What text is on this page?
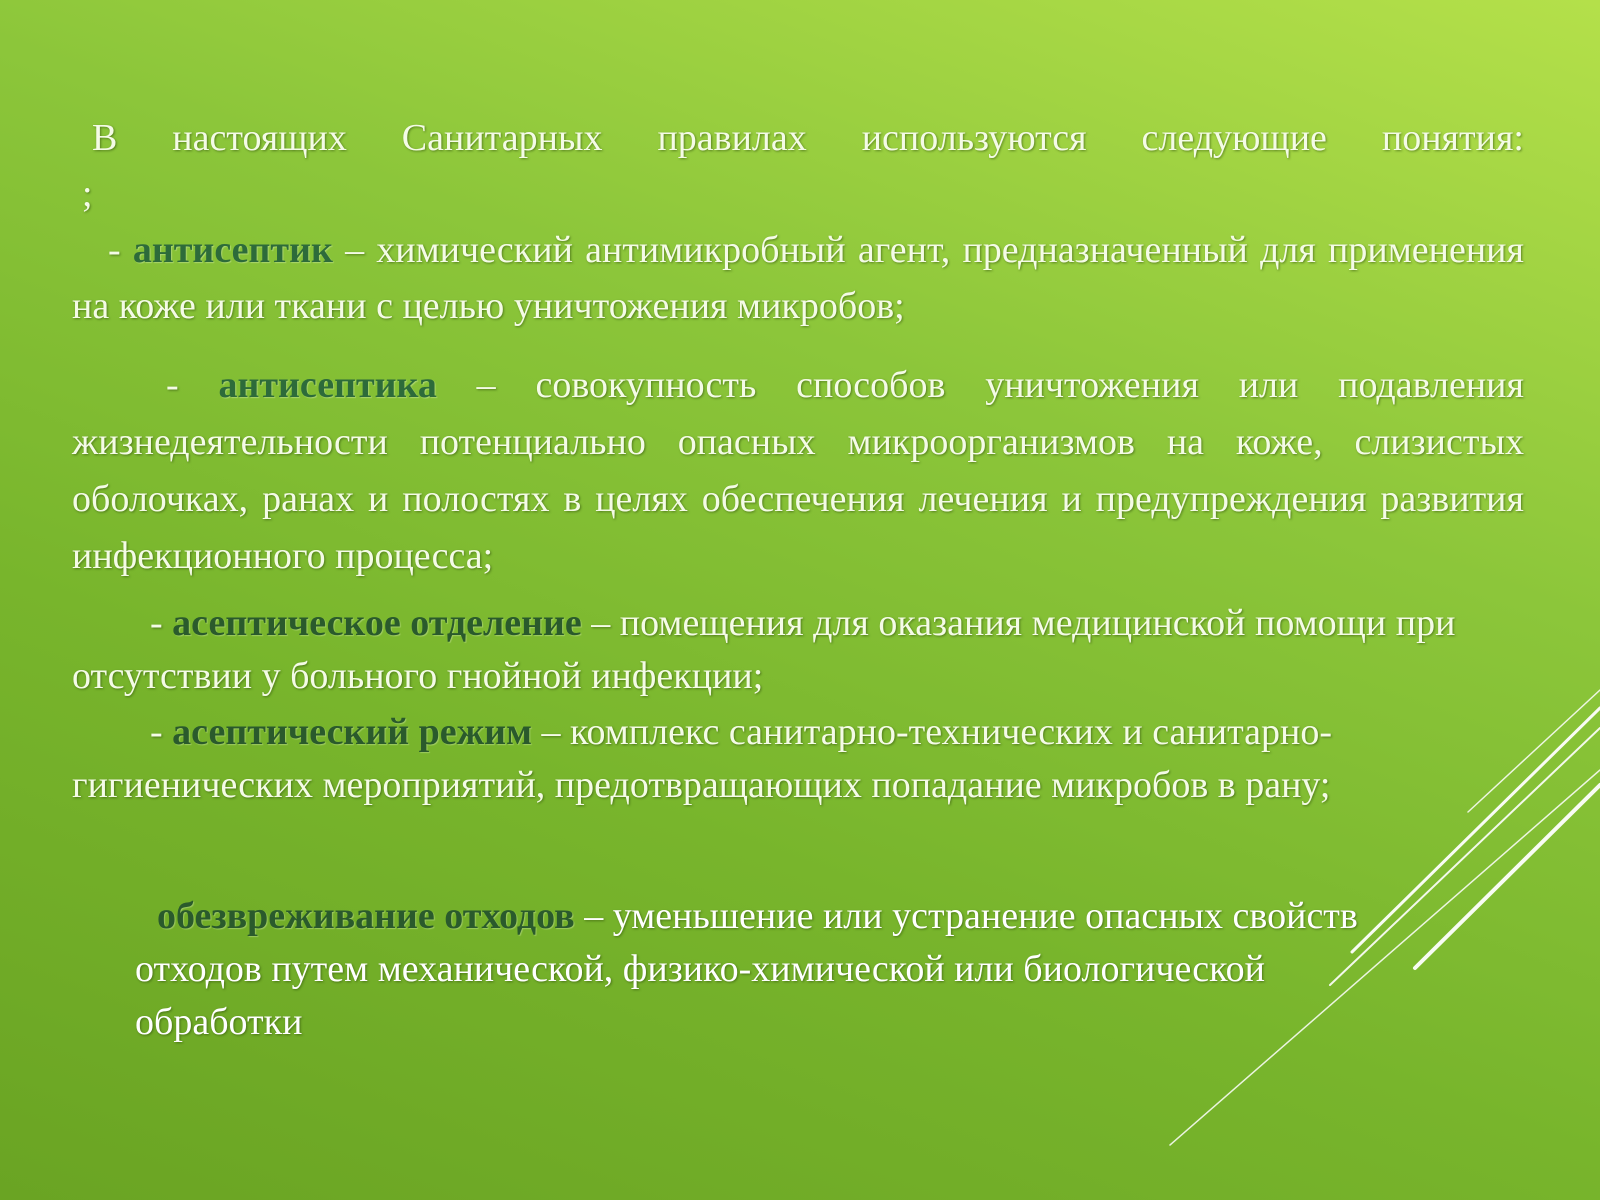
В настоящих Санитарных правилах используются следующие понятия:
;

- антисептик – химический антимикробный агент, предназначенный для применения на коже или ткани с целью уничтожения микробов;

- антисептика – совокупность способов уничтожения или подавления жизнедеятельности потенциально опасных микроорганизмов на коже, слизистых оболочках, ранах и полостях в целях обеспечения лечения и предупреждения развития инфекционного процесса;

- асептическое отделение – помещения для оказания медицинской помощи при отсутствии у больного гнойной инфекции;

- асептический режим – комплекс санитарно-технических и санитарно-гигиенических мероприятий, предотвращающих попадание микробов в рану;

обезвреживание отходов – уменьшение или устранение опасных свойств отходов путем механической, физико-химической или биологической обработки
